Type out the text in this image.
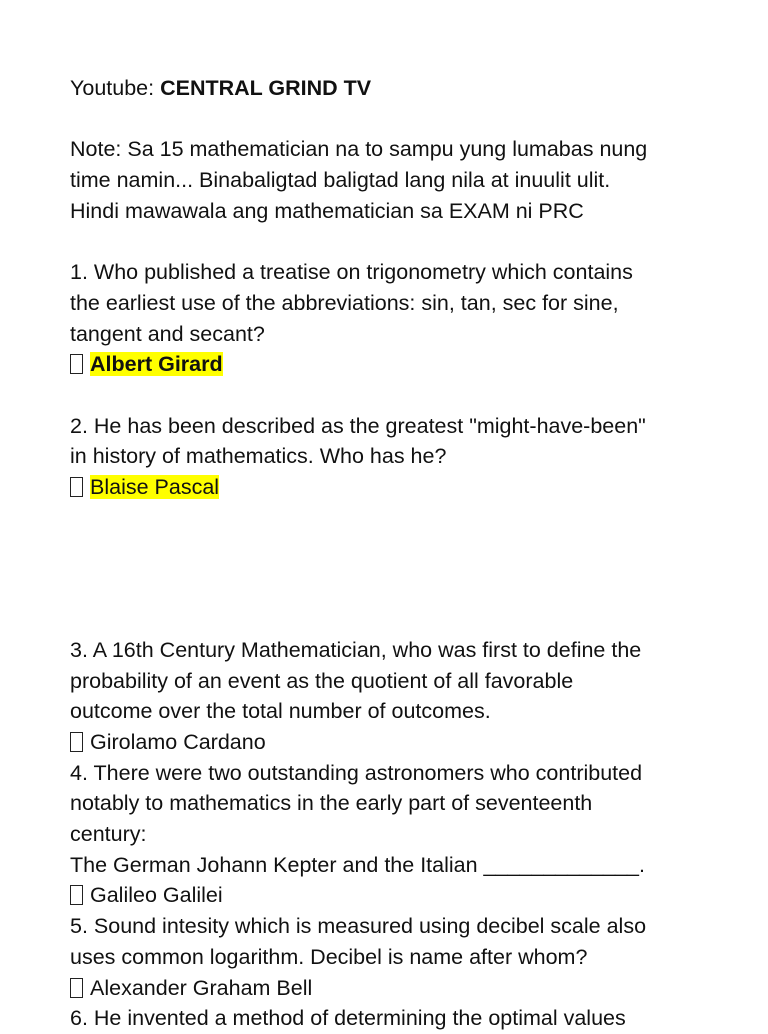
Youtube: CENTRAL GRIND TV
Note: Sa 15 mathematician na to sampu yung lumabas nung
time namin... Binabaligtad baligtad lang nila at inuulit ulit.
Hindi mawawala ang mathematician sa EXAM ni PRC
1. Who published a treatise on trigonometry which contains
the earliest use of the abbreviations: sin, tan, sec for sine,
tangent and secant?
Albert Girard
2. He has been described as the greatest "might-have-been"
in history of mathematics. Who has he?
Blaise Pascal
3. A 16th Century Mathematician, who was first to define the
probability of an event as the quotient of all favorable
outcome over the total number of outcomes.
Girolamo Cardano
4. There were two outstanding astronomers who contributed
notably to mathematics in the early part of seventeenth
century:
The German Johann Kepter and the Italian _____________.
Galileo Galilei
5. Sound intesity which is measured using decibel scale also
uses common logarithm. Decibel is name after whom?
Alexander Graham Bell
6. He invented a method of determining the optimal values
